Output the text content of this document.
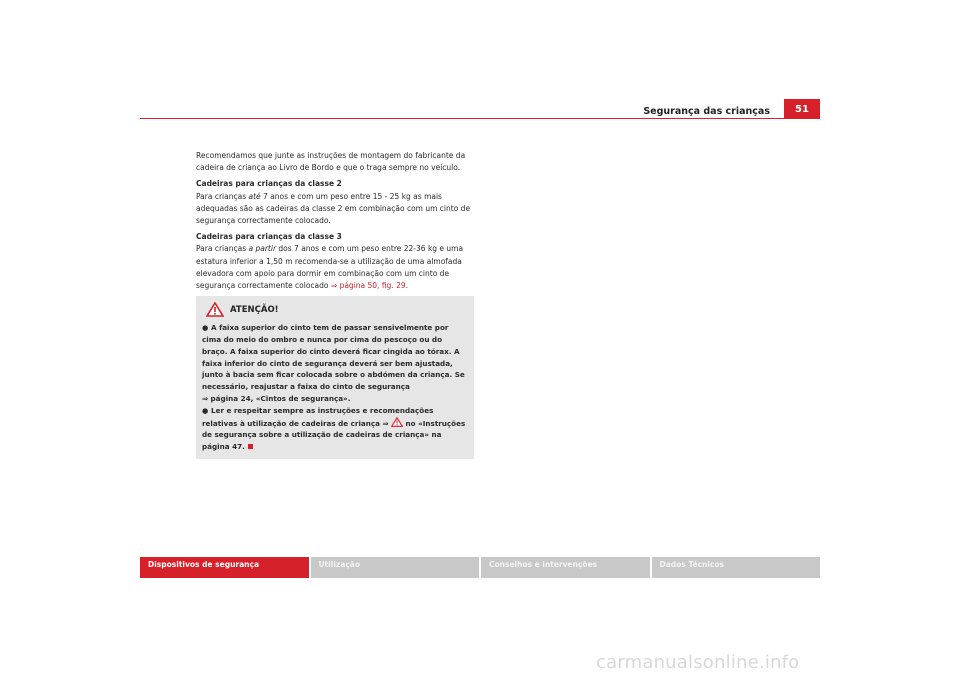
Segurança das crianças	51

Recomendamos que junte as instruções de montagem do fabricante da cadeira de criança ao Livro de Bordo e que o traga sempre no veículo.

Cadeiras para crianças da classe 2

Para crianças até 7 anos e com um peso entre 15 - 25 kg as mais adequadas são as cadeiras da classe 2 em combinação com um cinto de segurança correctamente colocado.

Cadeiras para crianças da classe 3

Para crianças a partir dos 7 anos e com um peso entre 22-36 kg e uma estatura inferior a 1,50 m recomenda-se a utilização de uma almofada elevadora com apoio para dormir em combinação com um cinto de segurança correctamente colocado ⇒ página 50, fig. 29.

ATENÇÃO!
● A faixa superior do cinto tem de passar sensivelmente por cima do meio do ombro e nunca por cima do pescoço ou do braço. A faixa superior do cinto deverá ficar cingida ao tórax. A faixa inferior do cinto de segurança deverá ser bem ajustada, junto à bacia sem ficar colocada sobre o abdómen da criança. Se necessário, reajustar a faixa do cinto de segurança
⇒ página 24, «Cintos de segurança».
● Ler e respeitar sempre as instruções e recomendações relativas à utilização de cadeiras de criança ⇒  no «Instruções de segurança sobre a utilização de cadeiras de criança» na página 47.
Dispositivos de segurança	Utilização	Conselhos e intervenções	Dados Técnicos
carmanualsonline.info
